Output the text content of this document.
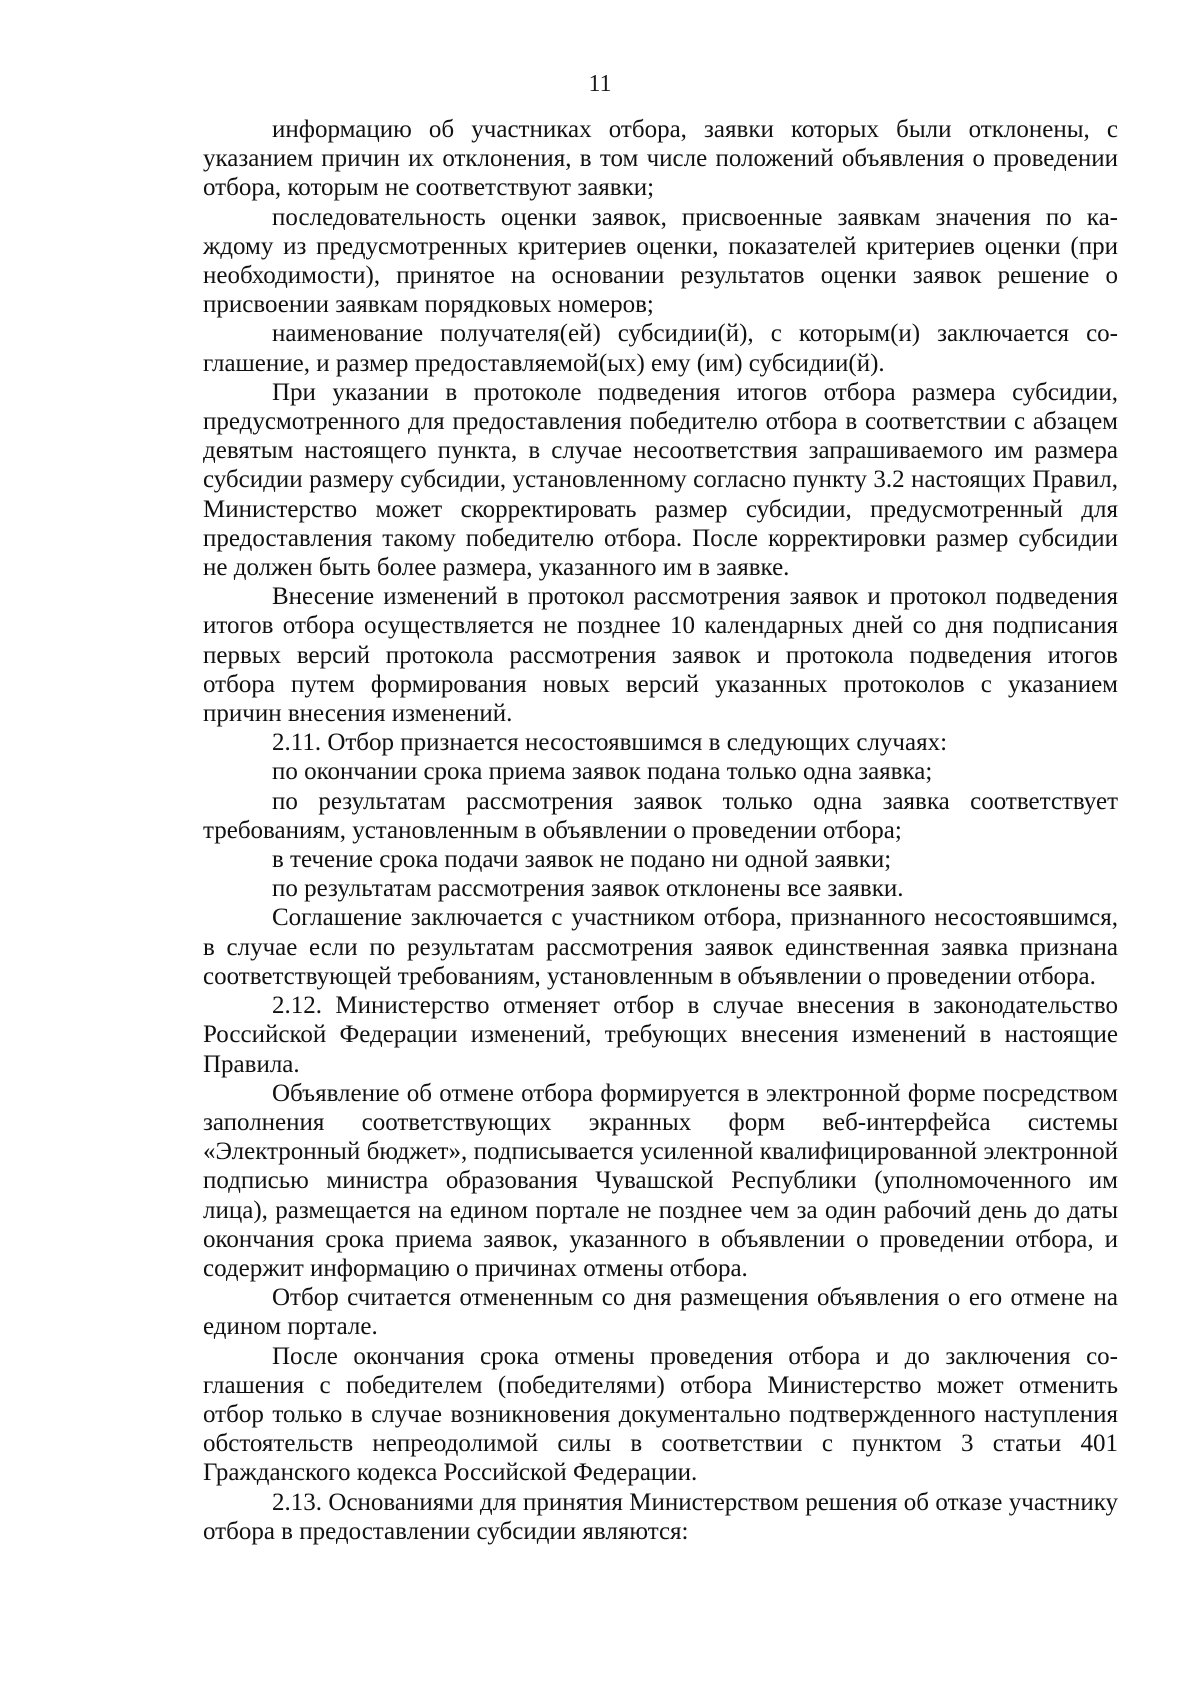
11

информацию об участниках отбора, заявки которых были отклонены, с указанием причин их отклонения, в том числе положений объявления о проведении отбора, которым не соответствуют заявки;

последовательность оценки заявок, присвоенные заявкам значения по каждому из предусмотренных критериев оценки, показателей критериев оценки (при необходимости), принятое на основании результатов оценки заявок решение о присвоении заявкам порядковых номеров;

наименование получателя(ей) субсидии(й), с которым(и) заключается соглашение, и размер предоставляемой(ых) ему (им) субсидии(й).

При указании в протоколе подведения итогов отбора размера субсидии, предусмотренного для предоставления победителю отбора в соответствии с абзацем девятым настоящего пункта, в случае несоответствия запрашиваемого им размера субсидии размеру субсидии, установленному согласно пункту 3.2 настоящих Правил, Министерство может скорректировать размер субсидии, предусмотренный для предоставления такому победителю отбора. После корректировки размер субсидии не должен быть более размера, указанного им в заявке.

Внесение изменений в протокол рассмотрения заявок и протокол подведения итогов отбора осуществляется не позднее 10 календарных дней со дня подписания первых версий протокола рассмотрения заявок и протокола подведения итогов отбора путем формирования новых версий указанных протоколов с указанием причин внесения изменений.

2.11. Отбор признается несостоявшимся в следующих случаях:

по окончании срока приема заявок подана только одна заявка;

по результатам рассмотрения заявок только одна заявка соответствует требованиям, установленным в объявлении о проведении отбора;

в течение срока подачи заявок не подано ни одной заявки;

по результатам рассмотрения заявок отклонены все заявки.

Соглашение заключается с участником отбора, признанного несостоявшимся, в случае если по результатам рассмотрения заявок единственная заявка признана соответствующей требованиям, установленным в объявлении о проведении отбора.

2.12. Министерство отменяет отбор в случае внесения в законодательство Российской Федерации изменений, требующих внесения изменений в настоящие Правила.

Объявление об отмене отбора формируется в электронной форме посредством заполнения соответствующих экранных форм веб-интерфейса системы «Электронный бюджет», подписывается усиленной квалифицированной электронной подписью министра образования Чувашской Республики (уполномоченного им лица), размещается на едином портале не позднее чем за один рабочий день до даты окончания срока приема заявок, указанного в объявлении о проведении отбора, и содержит информацию о причинах отмены отбора.

Отбор считается отмененным со дня размещения объявления о его отмене на едином портале.

После окончания срока отмены проведения отбора и до заключения соглашения с победителем (победителями) отбора Министерство может отменить отбор только в случае возникновения документально подтвержденного наступления обстоятельств непреодолимой силы в соответствии с пунктом 3 статьи 401 Гражданского кодекса Российской Федерации.

2.13. Основаниями для принятия Министерством решения об отказе участнику отбора в предоставлении субсидии являются:
